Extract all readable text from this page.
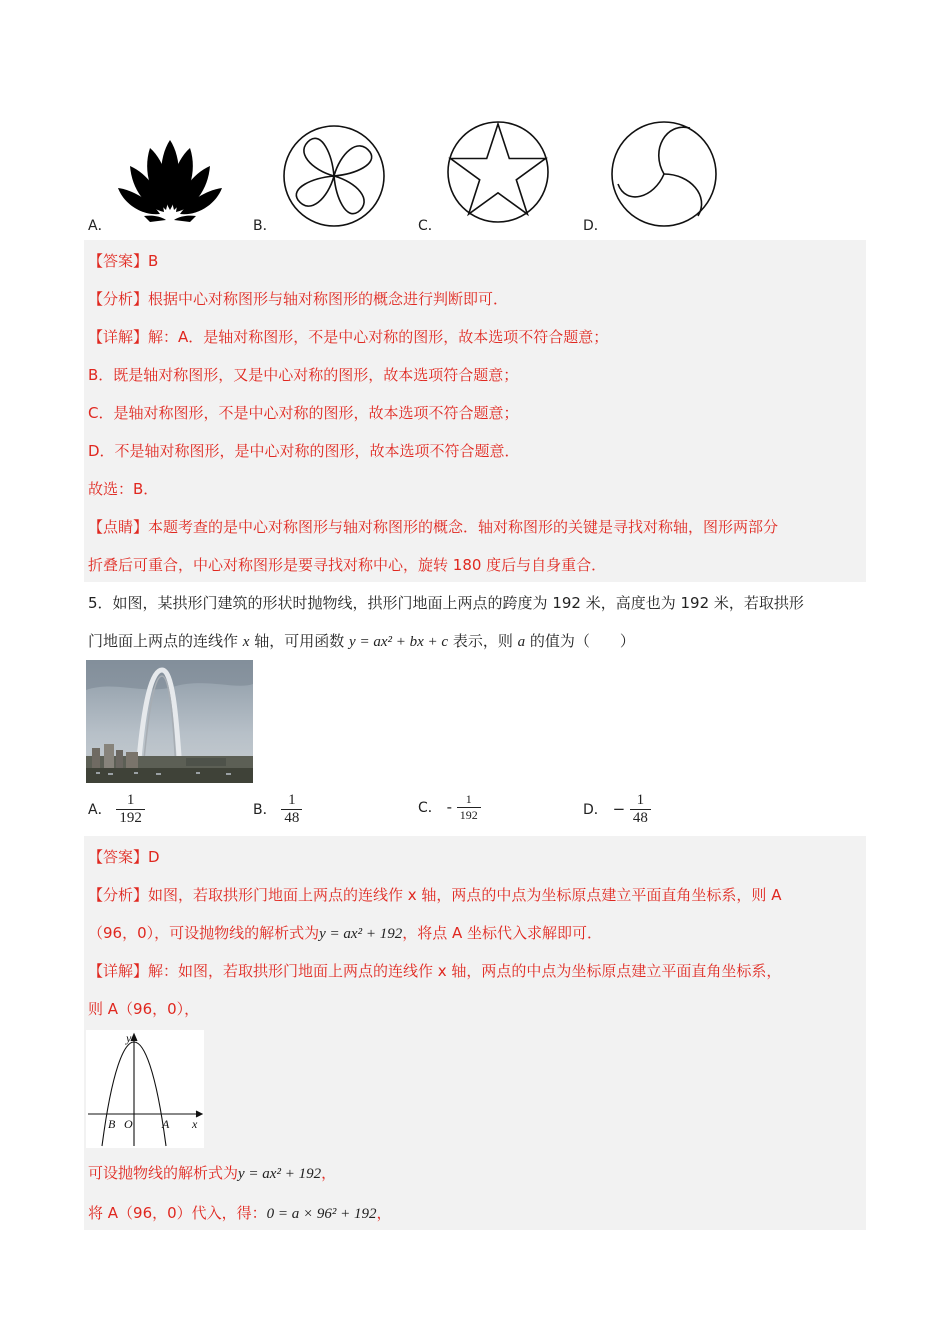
A．	B．	C．	D．
【答案】B
【分析】根据中心对称图形与轴对称图形的概念进行判断即可．
【详解】解：A．是轴对称图形，不是中心对称的图形，故本选项不符合题意；
B．既是轴对称图形，又是中心对称的图形，故本选项符合题意；
C．是轴对称图形，不是中心对称的图形，故本选项不符合题意；
D．不是轴对称图形，是中心对称的图形，故本选项不符合题意．
故选：B．
【点睛】本题考查的是中心对称图形与轴对称图形的概念．轴对称图形的关键是寻找对称轴，图形两部分
折叠后可重合，中心对称图形是要寻找对称中心，旋转 180 度后与自身重合．
5．如图，某拱形门建筑的形状时抛物线，拱形门地面上两点的跨度为 192 米，高度也为 192 米，若取拱形
门地面上两点的连线作 x 轴，可用函数 y = ax² + bx + c 表示，则 a 的值为（　　）
A． $\frac{1}{192}$	B． $\frac{1}{48}$	C． - $\frac{1}{192}$	D． − $\frac{1}{48}$
【答案】D
【分析】如图，若取拱形门地面上两点的连线作 x 轴，两点的中点为坐标原点建立平面直角坐标系，则 A
（96，0），可设抛物线的解析式为y = ax² + 192，将点 A 坐标代入求解即可．
【详解】解：如图，若取拱形门地面上两点的连线作 x 轴，两点的中点为坐标原点建立平面直角坐标系，
则 A（96，0），
y
x
B O A
可设抛物线的解析式为y = ax² + 192，
将 A（96，0）代入，得：0 = a × 96² + 192，
